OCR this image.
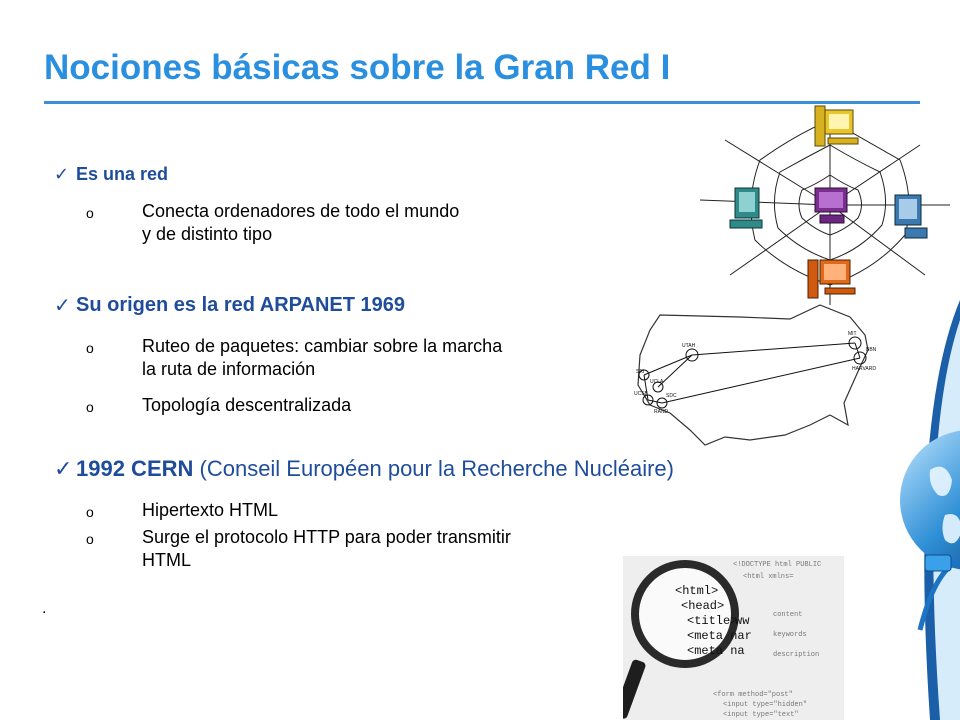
Nociones básicas sobre la Gran Red I
✓ Es una red
o	Conecta ordenadores de todo el mundo
y de distinto tipo
✓ Su origen es la red ARPANET 1969
o	Ruteo de paquetes: cambiar sobre la marcha
la ruta de información
o	Topología descentralizada
✓ 1992 CERN (Conseil Européen pour la Recherche Nucléaire)
o	Hipertexto HTML
o	Surge el protocolo HTTP para poder transmitir
HTML
.
UTAH
MIT
HARVARD
UCLA
UCSB
SRI
RAND
BBN
SDC
<!DOCTYPE html PUBLIC
<html xmlns=
content
keywords
description
<form method="post"
<input type="hidden"
<input type="text"
<html>
<head>
<title>
ww
<meta nar
<meta na
